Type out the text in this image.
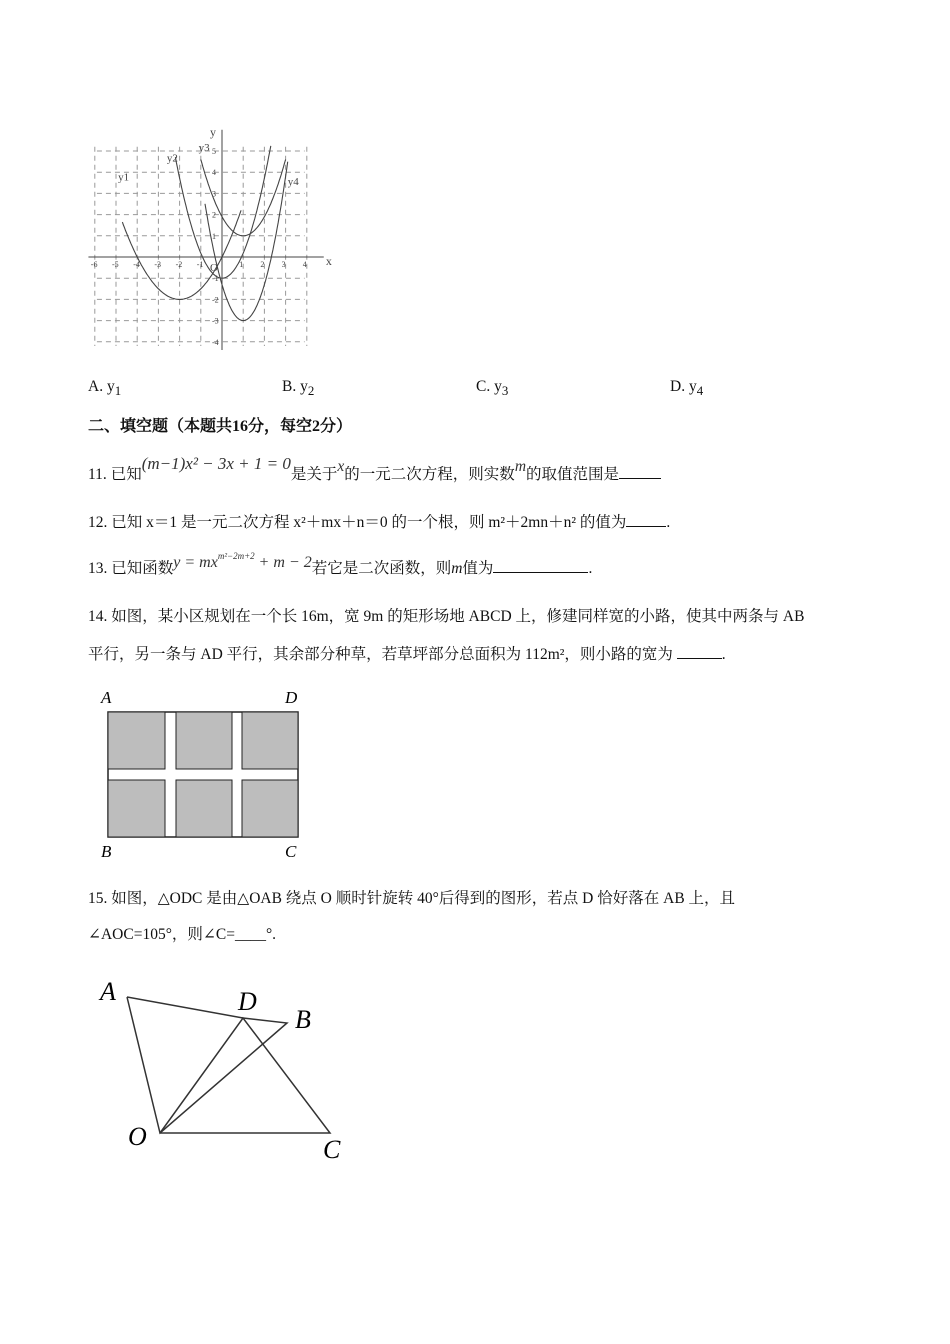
-6 -5 -4 -3 -2 -1	1 2 3 4
5
4
3
2
1
-1
-2
-3
-4
x
y
O
y1
y2
y3
y4
A. $y_1$	B. $y_2$	C. $y_3$	D. $y_4$
二、填空题（本题共16分，每空2分）
11. 已知(m−1)x² − 3x + 1 = 0是关于x的一元二次方程，则实数m的取值范围是
12. 已知 x＝1 是一元二次方程 x²＋mx＋n＝0 的一个根，则 m²＋2mn＋n² 的值为	.
13. 已知函数$y = mx^{m^2-2m+2} + m - 2$若它是二次函数，则m值为	.
14. 如图，某小区规划在一个长 16m，宽 9m 的矩形场地 ABCD 上，修建同样宽的小路，使其中两条与 AB
平行，另一条与 AD 平行，其余部分种草，若草坪部分总面积为 112m²，则小路的宽为	.
A	D
B	C
15. 如图，△ODC 是由△OAB 绕点 O 顺时针旋转 40°后得到的图形，若点 D 恰好落在 AB 上，且
∠AOC=105°，则∠C=____°.
A	D
B
O	C
